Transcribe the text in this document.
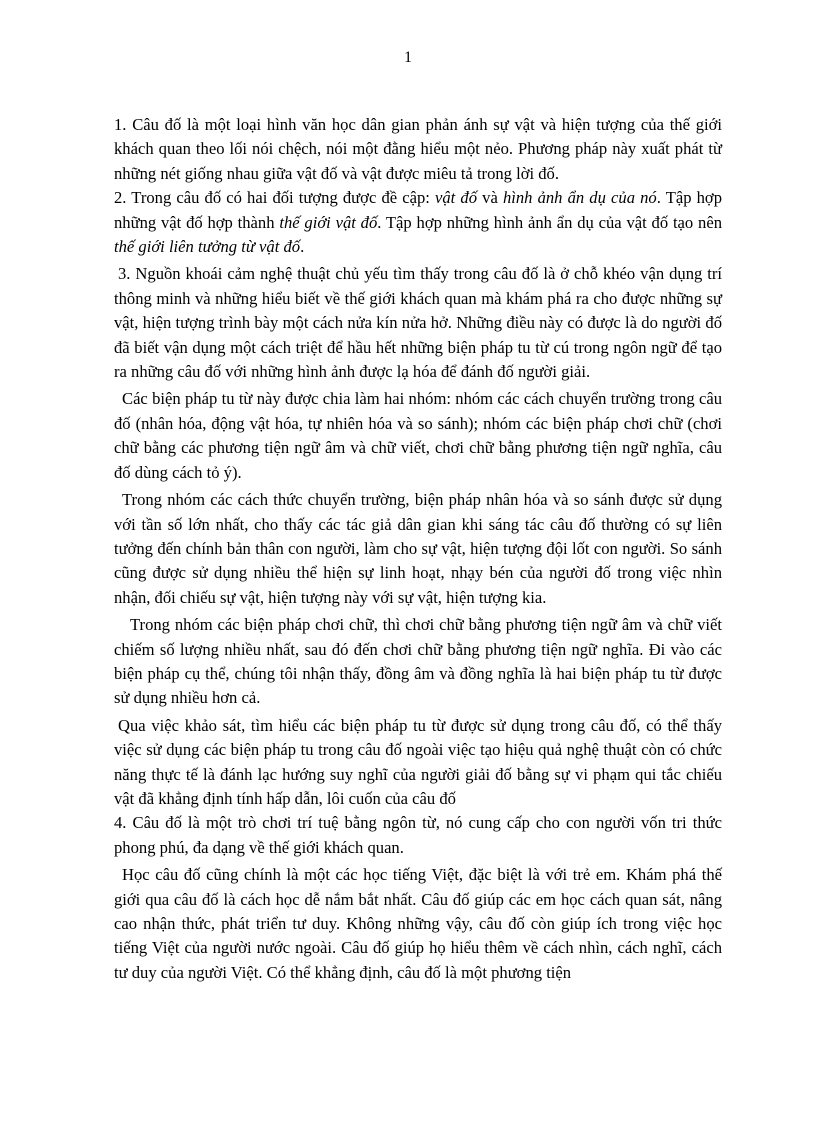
1

1. Câu đố là một loại hình văn học dân gian phản ánh sự vật và hiện tượng của thế giới khách quan theo lối nói chệch, nói một đằng hiểu một nẻo. Phương pháp này xuất phát từ những nét giống nhau giữa vật đố và vật được miêu tả trong lời đố.

2. Trong câu đố có hai đối tượng được đề cập: vật đố và hình ảnh ẩn dụ của nó. Tập hợp những vật đố hợp thành thế giới vật đố. Tập hợp những hình ảnh ẩn dụ của vật đố tạo nên thế giới liên tưởng từ vật đố.

3. Nguồn khoái cảm nghệ thuật chủ yếu tìm thấy trong câu đố là ở chỗ khéo vận dụng trí thông minh và những hiểu biết về thế giới khách quan mà khám phá ra cho được những sự vật, hiện tượng trình bày một cách nửa kín nửa hở. Những điều này có được là do người đố đã biết vận dụng một cách triệt để hầu hết những biện pháp tu từ cú trong ngôn ngữ để tạo ra những câu đố với những hình ảnh được lạ hóa để đánh đố người giải.

Các biện pháp tu từ này được chia làm hai nhóm: nhóm các cách chuyển trường trong câu đố (nhân hóa, động vật hóa, tự nhiên hóa và so sánh); nhóm các biện pháp chơi chữ (chơi chữ bằng các phương tiện ngữ âm và chữ viết, chơi chữ bằng phương tiện ngữ nghĩa, câu đố dùng cách tỏ ý).

Trong nhóm các cách thức chuyển trường, biện pháp nhân hóa và so sánh được sử dụng với tần số lớn nhất, cho thấy các tác giả dân gian khi sáng tác câu đố thường có sự liên tưởng đến chính bản thân con người, làm cho sự vật, hiện tượng đội lốt con người. So sánh cũng được sử dụng nhiều thể hiện sự linh hoạt, nhạy bén của người đố trong việc nhìn nhận, đối chiếu sự vật, hiện tượng này với sự vật, hiện tượng kia.

Trong nhóm các biện pháp chơi chữ, thì chơi chữ bằng phương tiện ngữ âm và chữ viết chiếm số lượng nhiều nhất, sau đó đến chơi chữ bằng phương tiện ngữ nghĩa. Đi vào các biện pháp cụ thể, chúng tôi nhận thấy, đồng âm và đồng nghĩa là hai biện pháp tu từ được sử dụng nhiều hơn cả.

Qua việc khảo sát, tìm hiểu các biện pháp tu từ được sử dụng trong câu đố, có thể thấy việc sử dụng các biện pháp tu trong câu đố ngoài việc tạo hiệu quả nghệ thuật còn có chức năng thực tế là đánh lạc hướng suy nghĩ của người giải đố bằng sự vi phạm qui tắc chiếu vật đã khẳng định tính hấp dẫn, lôi cuốn của câu đố

4. Câu đố là một trò chơi trí tuệ bằng ngôn từ, nó cung cấp cho con người vốn tri thức phong phú, đa dạng về thế giới khách quan.

Học câu đố cũng chính là một các học tiếng Việt, đặc biệt là với trẻ em. Khám phá thế giới qua câu đố là cách học dễ nắm bắt nhất. Câu đố giúp các em học cách quan sát, nâng cao nhận thức, phát triển tư duy. Không những vậy, câu đố còn giúp ích trong việc học tiếng Việt của người nước ngoài. Câu đố giúp họ hiểu thêm về cách nhìn, cách nghĩ, cách tư duy của người Việt. Có thể khẳng định, câu đố là một phương tiện
